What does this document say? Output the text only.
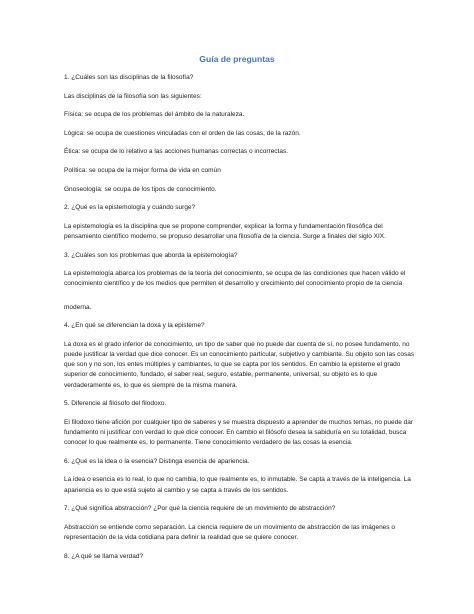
Guía de preguntas

1. ¿Cuáles son las disciplinas de la filosofía?

Las disciplinas de la filosofía son las siguientes:

Física: se ocupa de los problemas del ámbito de la naturaleza.

Lógica: se ocupa de cuestiones vinculadas con el orden de las cosas, de la razón.

Ética: se ocupa de lo relativo a las acciones humanas correctas o incorrectas.

Política: se ocupa de la mejor forma de vida en común

Gnoseología: se ocupa de los tipos de conocimiento.

2. ¿Qué es la epistemología y cuándo surge?

La epistemología es la disciplina que se propone comprender, explicar la forma y fundamentación filosófica del pensamiento científico moderno, se propuso desarrollar una filosofía de la ciencia. Surge a finales del siglo XIX.

3. ¿Cuáles son los problemas que aborda la epistemología?

La epistemología abarca los problemas de la teoría del conocimiento, se ocupa de las condiciones que hacen válido el conocimiento científico y de los medios que permiten el desarrollo y crecimiento del conocimiento propio de la ciencia

moderna.

4. ¿En qué se diferencian la doxa y la episteme?

La doxa es el grado inferior de conocimiento, un tipo de saber que no puede dar cuenta de sí, no posee fundamento, no puede justificar la verdad que dice conocer. Es un conocimiento particular, subjetivo y cambiante. Su objeto son las cosas que son y no son, los entes múltiples y cambiantes, lo que se capta por los sentidos. En cambio la episteme el grado superior de conocimiento, fundado, el saber real, seguro, estable, permanente, universal, su objeto es lo que verdaderamente es, lo que es siempre de la misma manera.

5. Diferencie al filósofo del filodoxo.

El filodoxo tiene afición por cualquier tipo de saberes y se muestra dispuesto a aprender de muchos temas, no puede dar fundamento ni justificar con verdad lo que dice conocer. En cambio el filósofo desea la sabiduría en su totalidad, busca conocer lo que realmente es, lo permanente. Tiene conocimiento verdadero de las cosas la esencia.

6. ¿Qué es la idea o la esencia? Distinga esencia de apariencia.

La idea o esencia es lo real, lo que no cambia, lo que realmente es, lo inmutable. Se capta a través de la inteligencia. La apariencia es lo que está sujeto al cambio y se capta a través de los sentidos.

7. ¿Qué significa abstracción? ¿Por qué la ciencia requiere de un movimiento de abstracción?

Abstracción se entiende como separación. La ciencia requiere de un movimiento de abstracción de las imágenes o representación de la vida cotidiana para definir la realidad que se quiere conocer.

8. ¿A qué se llama verdad?
